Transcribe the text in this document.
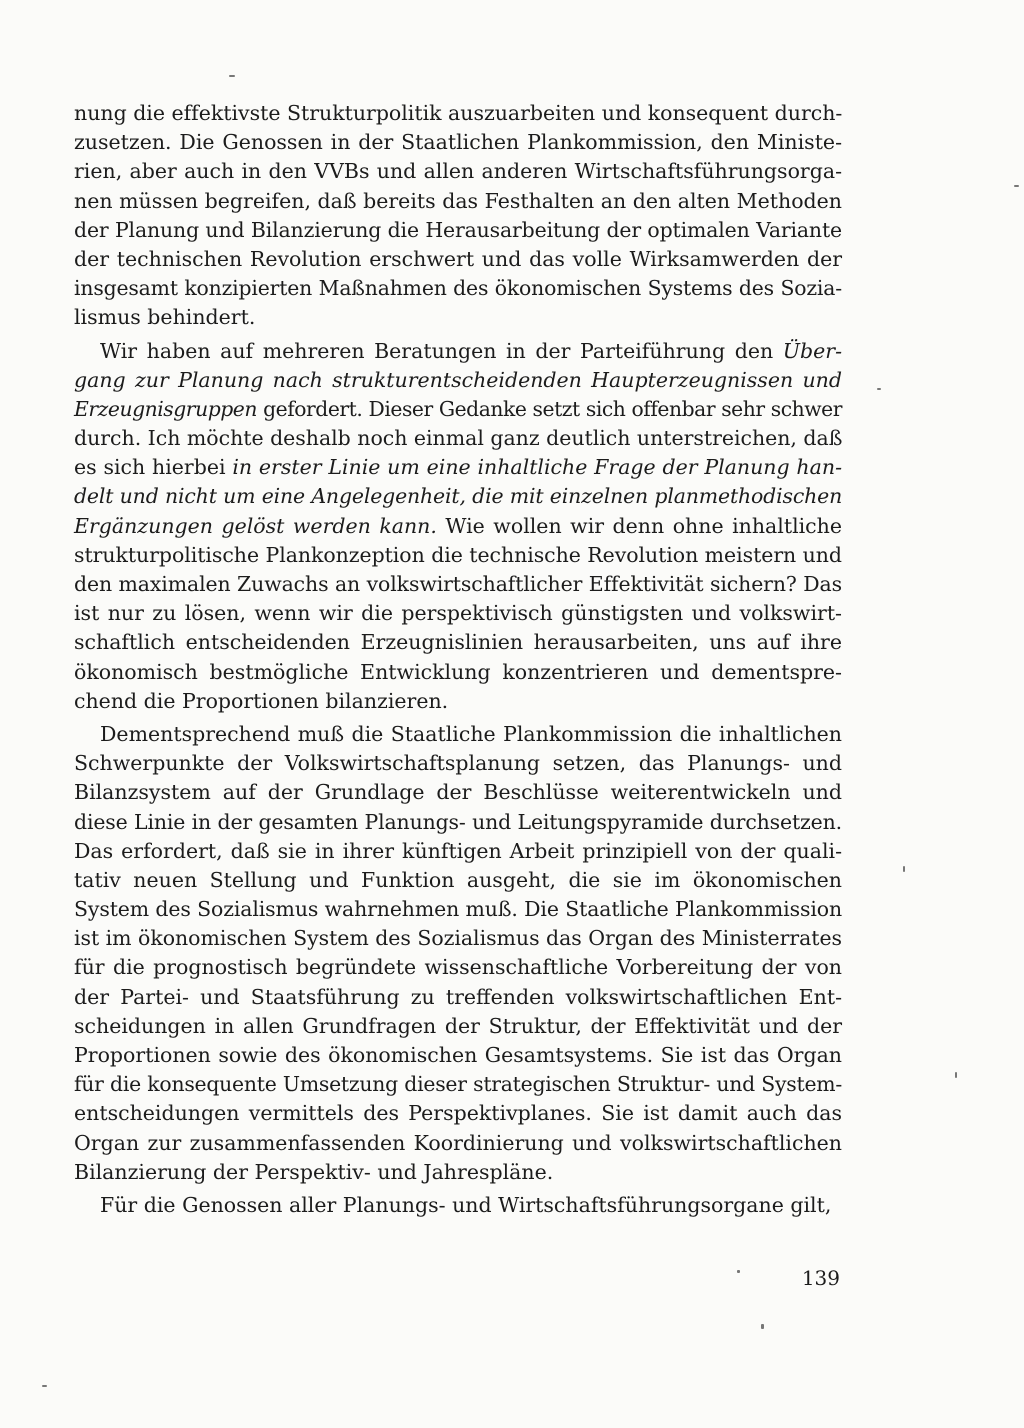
nung die effektivste Strukturpolitik auszuarbeiten und konsequent durch-
zusetzen. Die Genossen in der Staatlichen Plankommission, den Ministe-
rien, aber auch in den VVBs und allen anderen Wirtschaftsführungsorga-
nen müssen begreifen, daß bereits das Festhalten an den alten Methoden
der Planung und Bilanzierung die Herausarbeitung der optimalen Variante
der technischen Revolution erschwert und das volle Wirksamwerden der
insgesamt konzipierten Maßnahmen des ökonomischen Systems des Sozia-
lismus behindert.
Wir haben auf mehreren Beratungen in der Parteiführung den Über-
gang zur Planung nach strukturentscheidenden Haupterzeugnissen und
Erzeugnisgruppen gefordert. Dieser Gedanke setzt sich offenbar sehr schwer
durch. Ich möchte deshalb noch einmal ganz deutlich unterstreichen, daß
es sich hierbei in erster Linie um eine inhaltliche Frage der Planung han-
delt und nicht um eine Angelegenheit, die mit einzelnen planmethodischen
Ergänzungen gelöst werden kann. Wie wollen wir denn ohne inhaltliche
strukturpolitische Plankonzeption die technische Revolution meistern und
den maximalen Zuwachs an volkswirtschaftlicher Effektivität sichern? Das
ist nur zu lösen, wenn wir die perspektivisch günstigsten und volkswirt-
schaftlich entscheidenden Erzeugnislinien herausarbeiten, uns auf ihre
ökonomisch bestmögliche Entwicklung konzentrieren und dementspre-
chend die Proportionen bilanzieren.
Dementsprechend muß die Staatliche Plankommission die inhaltlichen
Schwerpunkte der Volkswirtschaftsplanung setzen, das Planungs- und
Bilanzsystem auf der Grundlage der Beschlüsse weiterentwickeln und
diese Linie in der gesamten Planungs- und Leitungspyramide durchsetzen.
Das erfordert, daß sie in ihrer künftigen Arbeit prinzipiell von der quali-
tativ neuen Stellung und Funktion ausgeht, die sie im ökonomischen
System des Sozialismus wahrnehmen muß. Die Staatliche Plankommission
ist im ökonomischen System des Sozialismus das Organ des Ministerrates
für die prognostisch begründete wissenschaftliche Vorbereitung der von
der Partei- und Staatsführung zu treffenden volkswirtschaftlichen Ent-
scheidungen in allen Grundfragen der Struktur, der Effektivität und der
Proportionen sowie des ökonomischen Gesamtsystems. Sie ist das Organ
für die konsequente Umsetzung dieser strategischen Struktur- und System-
entscheidungen vermittels des Perspektivplanes. Sie ist damit auch das
Organ zur zusammenfassenden Koordinierung und volkswirtschaftlichen
Bilanzierung der Perspektiv- und Jahrespläne.
Für die Genossen aller Planungs- und Wirtschaftsführungsorgane gilt,
139
